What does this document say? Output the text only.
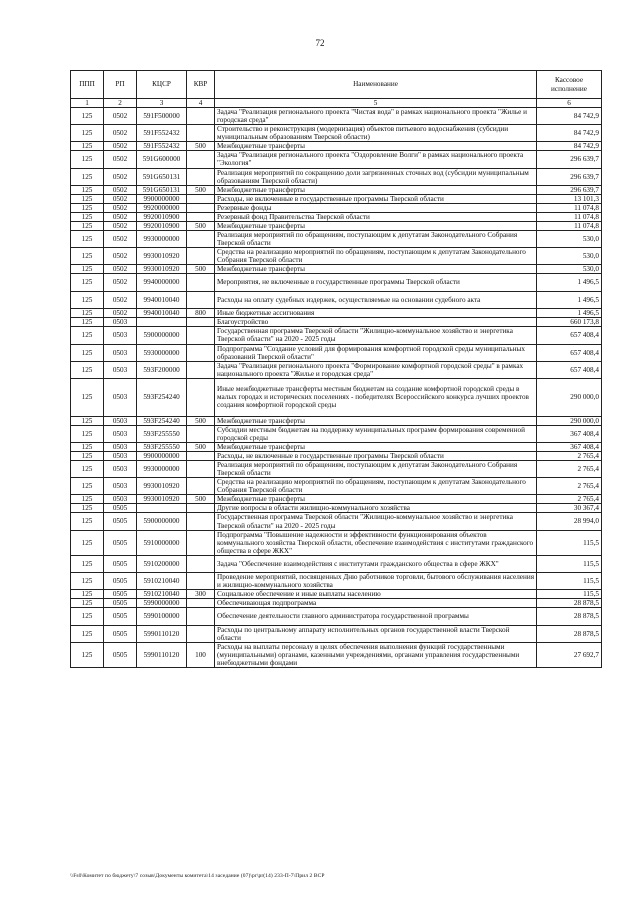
72
ППП	РП	КЦСР	КВР	Наименование	Кассовое исполнение
1	2	3	4	5	6
125	0502	591F500000		Задача "Реализация регионального проекта "Чистая вода" в рамках национального проекта "Жилье и городская среда"	84 742,9
125	0502	591F552432		Строительство и реконструкция (модернизация) объектов питьевого водоснабжения (субсидии муниципальным образованиям Тверской области)	84 742,9
125	0502	591F552432	500	Межбюджетные трансферты	84 742,9
125	0502	591G600000		Задача "Реализация регионального проекта "Оздоровление Волги" в рамках национального проекта "Экология"	296 639,7
125	0502	591G650131		Реализация мероприятий по сокращению доли загрязненных сточных вод (субсидии муниципальным образованиям Тверской области)	296 639,7
125	0502	591G650131	500	Межбюджетные трансферты	296 639,7
125	0502	9900000000		Расходы, не включенные в государственные программы Тверской области	13 101,3
125	0502	9920000000		Резервные фонды	11 074,8
125	0502	9920010900		Резервный фонд Правительства Тверской области	11 074,8
125	0502	9920010900	500	Межбюджетные трансферты	11 074,8
125	0502	9930000000		Реализация мероприятий по обращениям, поступающим к депутатам Законодательного Собрания Тверской области	530,0
125	0502	9930010920		Средства на реализацию мероприятий по обращениям, поступающим к депутатам Законодательного Собрания Тверской области	530,0
125	0502	9930010920	500	Межбюджетные трансферты	530,0
125	0502	9940000000		Мероприятия, не включенные в государственные программы Тверской области	1 496,5
125	0502	9940010040		Расходы на оплату судебных издержек, осуществляемые на основании судебного акта	1 496,5
125	0502	9940010040	800	Иные бюджетные ассигнования	1 496,5
125	0503			Благоустройство	660 173,8
125	0503	5900000000		Государственная программа Тверской области "Жилищно-коммунальное хозяйство и энергетика Тверской области" на 2020 - 2025 годы	657 408,4
125	0503	5930000000		Подпрограмма "Создание условий для формирования комфортной городской среды муниципальных образований Тверской области"	657 408,4
125	0503	593F200000		Задача "Реализация регионального проекта "Формирование комфортной городской среды" в рамках национального проекта "Жилье и городская среда"	657 408,4
125	0503	593F254240		Иные межбюджетные трансферты местным бюджетам на создание комфортной городской среды в малых городах и исторических поселениях - победителях Всероссийского конкурса лучших проектов создания комфортной городской среды	290 000,0
125	0503	593F254240	500	Межбюджетные трансферты	290 000,0
125	0503	593F255550		Субсидии местным бюджетам на поддержку муниципальных программ формирования современной городской среды	367 408,4
125	0503	593F255550	500	Межбюджетные трансферты	367 408,4
125	0503	9900000000		Расходы, не включенные в государственные программы Тверской области	2 765,4
125	0503	9930000000		Реализация мероприятий по обращениям, поступающим к депутатам Законодательного Собрания Тверской области	2 765,4
125	0503	9930010920		Средства на реализацию мероприятий по обращениям, поступающим к депутатам Законодательного Собрания Тверской области	2 765,4
125	0503	9930010920	500	Межбюджетные трансферты	2 765,4
125	0505			Другие вопросы в области жилищно-коммунального хозяйства	30 367,4
125	0505	5900000000		Государственная программа Тверской области "Жилищно-коммунальное хозяйство и энергетика Тверской области" на 2020 - 2025 годы	28 994,0
125	0505	5910000000		Подпрограмма "Повышение надежности и эффективности функционирования объектов коммунального хозяйства Тверской области, обеспечение взаимодействия с институтами гражданского общества в сфере ЖКХ"	115,5
125	0505	5910200000		Задача "Обеспечение взаимодействия с институтами гражданского общества в сфере ЖКХ"	115,5
125	0505	5910210040		Проведение мероприятий, посвященных Дню работников торговли, бытового обслуживания населения и жилищно-коммунального хозяйства	115,5
125	0505	5910210040	300	Социальное обеспечение и иные выплаты населению	115,5
125	0505	5990000000		Обеспечивающая подпрограмма	28 878,5
125	0505	5990100000		Обеспечение деятельности главного администратора государственной программы	28 878,5
125	0505	5990110120		Расходы по центральному аппарату исполнительных органов государственной власти Тверской области	28 878,5
125	0505	5990110120	100	Расходы на выплаты персоналу в целях обеспечения выполнения функций государственными (муниципальными) органами, казенными учреждениями, органами управления государственными внебюджетными фондами	27 692,7
\\Fs0\Комитет по бюджету\7 созыв\Документы комитета\14 заседание (07)\pr\pr(14) 233-П-7\Прил 2 ВСР
